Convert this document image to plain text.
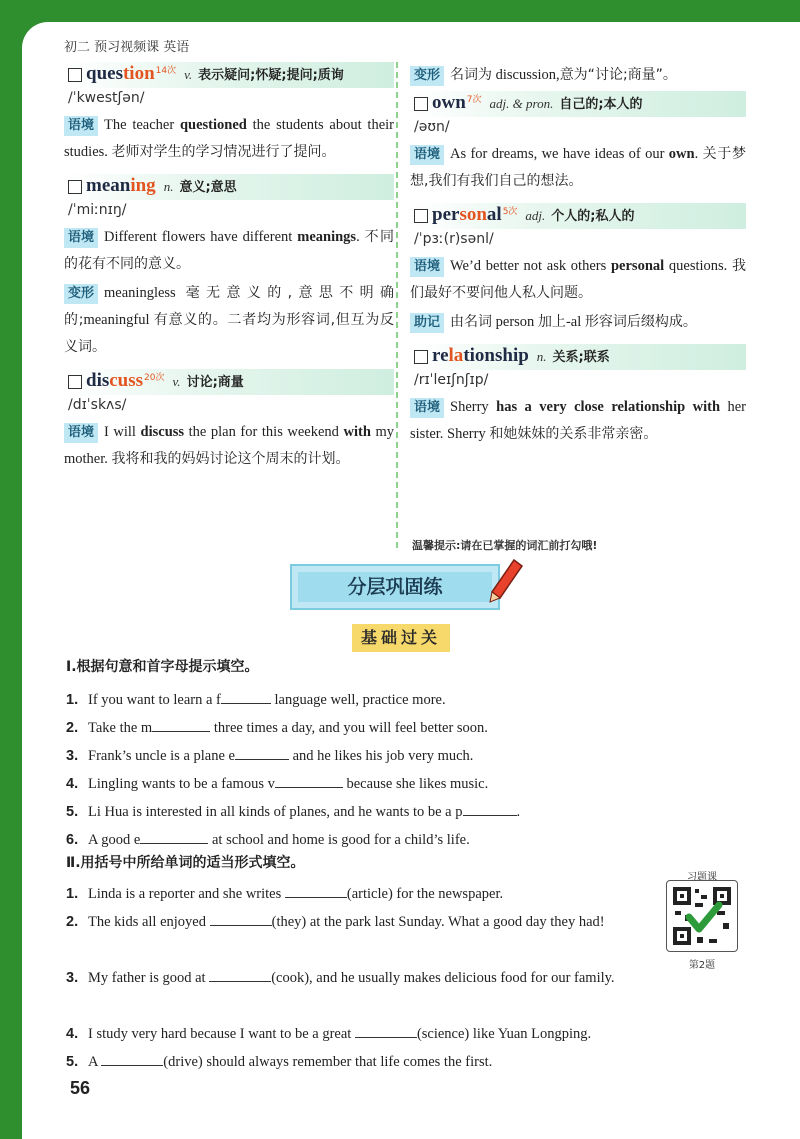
初二 预习视频课 英语
question$^{14次}$ v. 表示疑问;怀疑;提问;质询
/ˈkwestʃən/
语境 The teacher questioned the students about their studies. 老师对学生的学习情况进行了提问。
meaning n. 意义;意思
/ˈmiːnɪŋ/
语境 Different flowers have different meanings. 不同的花有不同的意义。
变形 meaningless 毫无意义的,意思不明确的;meaningful 有意义的。二者均为形容词,但互为反义词。
discuss$^{20次}$ v. 讨论;商量
/dɪˈskʌs/
语境 I will discuss the plan for this weekend with my mother. 我将和我的妈妈讨论这个周末的计划。
变形 名词为 discussion,意为“讨论;商量”。
own$^{7次}$ adj. & pron. 自己的;本人的
/əʊn/
语境 As for dreams, we have ideas of our own. 关于梦想,我们有我们自己的想法。
personal$^{5次}$ adj. 个人的;私人的
/ˈpɜː(r)sənl/
语境 We’d better not ask others personal questions. 我们最好不要问他人私人问题。
助记 由名词 person 加上-al 形容词后缀构成。
relationship n. 关系;联系
/rɪˈleɪʃnʃɪp/
语境 Sherry has a very close relationship with her sister. Sherry 和她妹妹的关系非常亲密。
温馨提示:请在已掌握的词汇前打勾哦!
分层巩固练
基础过关
Ⅰ.根据句意和首字母提示填空。
1. If you want to learn a f	language well, practice more.
2. Take the m	three times a day, and you will feel better soon.
3. Frank’s uncle is a plane e	and he likes his job very much.
4. Lingling wants to be a famous v	because she likes music.
5. Li Hua is interested in all kinds of planes, and he wants to be a p	.
6. A good e	at school and home is good for a child’s life.
Ⅱ.用括号中所给单词的适当形式填空。
1. Linda is a reporter and she writes	(article) for the newspaper.
2. The kids all enjoyed	(they) at the park last Sunday. What a good day they had!
3. My father is good at	(cook), and he usually makes delicious food for our family.
4. I study very hard because I want to be a great	(science) like Yuan Longping.
5. A	(drive) should always remember that life comes the first.
习题课
第2题
56
